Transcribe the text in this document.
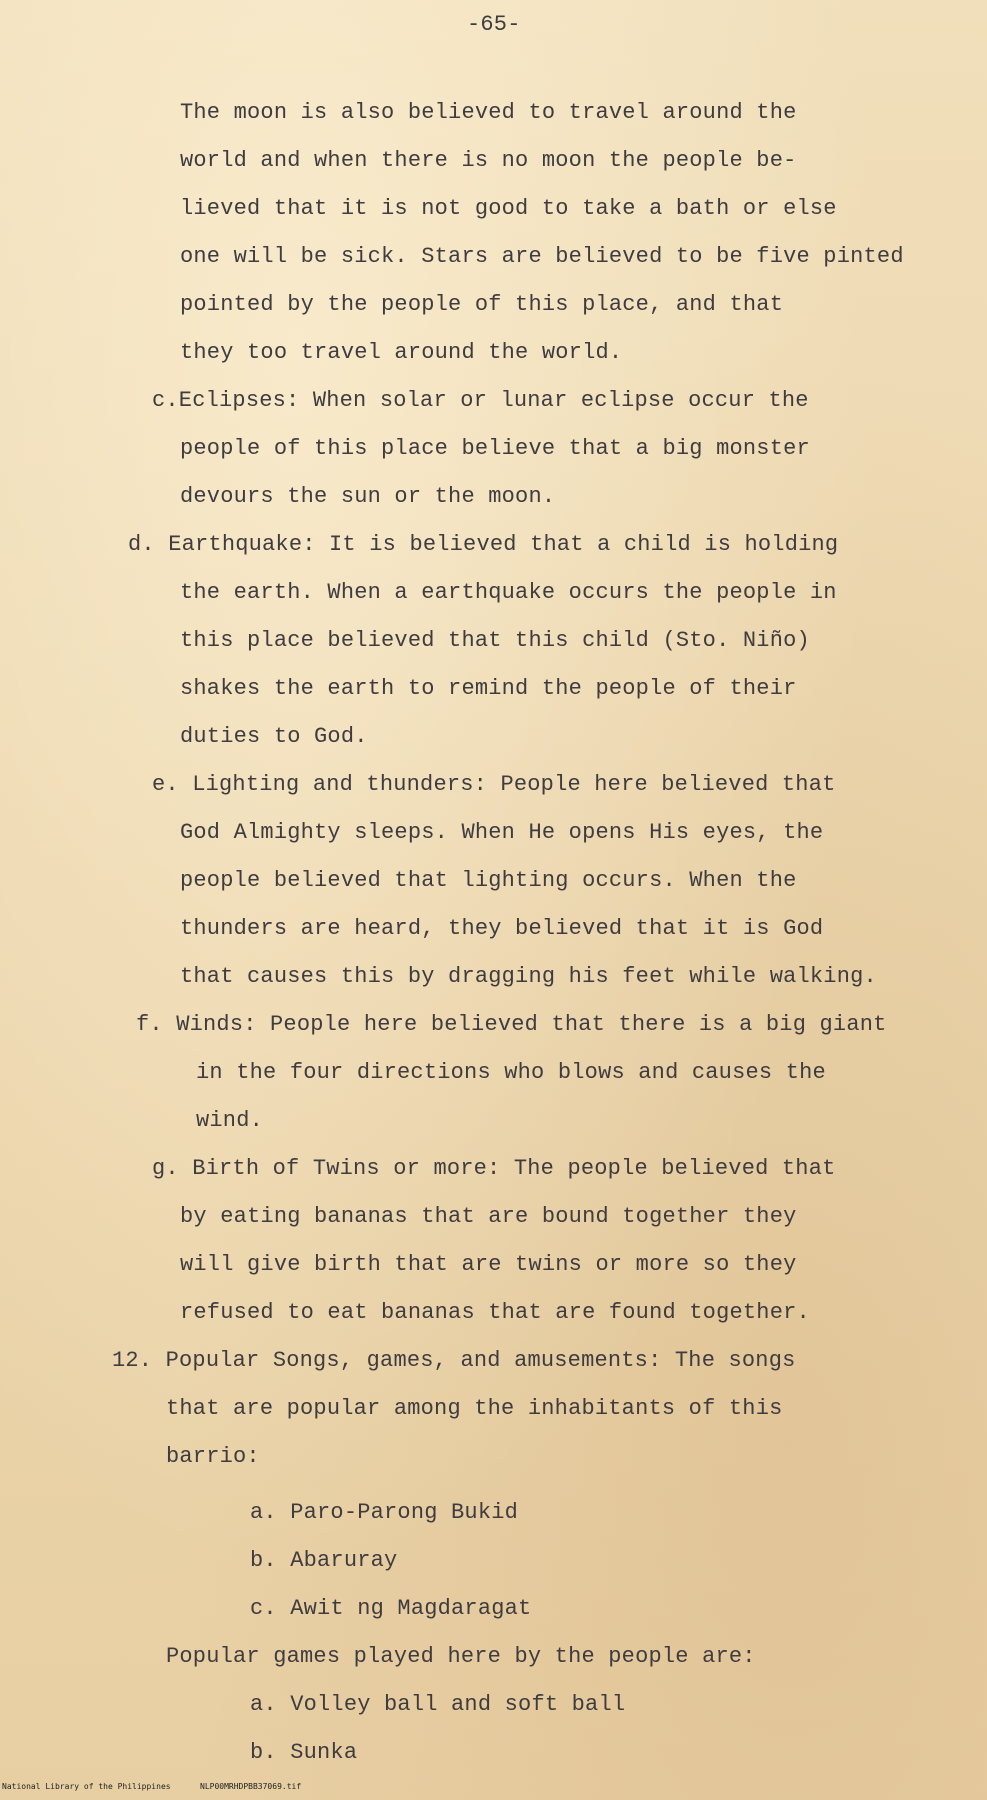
-65-
The moon is also believed to travel around the
world and when there is no moon the people be-
lieved that it is not good to take a bath or else
one will be sick. Stars are believed to be five pinted
pointed by the people of this place, and that
they too travel around the world.
c.Eclipses: When solar or lunar eclipse occur the
people of this place believe that a big monster
devours the sun or the moon.
d. Earthquake: It is believed that a child is holding
the earth. When a earthquake occurs the people in
this place believed that this child (Sto. Niño)
shakes the earth to remind the people of their
duties to God.
e. Lighting and thunders: People here believed that
God Almighty sleeps. When He opens His eyes, the
people believed that lighting occurs. When the
thunders are heard, they believed that it is God
that causes this by dragging his feet while walking.
f. Winds: People here believed that there is a big giant
in the four directions who blows and causes the
wind.
g. Birth of Twins or more: The people believed that
by eating bananas that are bound together they
will give birth that are twins or more so they
refused to eat bananas that are found together.
12. Popular Songs, games, and amusements: The songs
that are popular among the inhabitants of this
barrio:
a. Paro-Parong Bukid
b. Abaruray
c. Awit ng Magdaragat
Popular games played here by the people are:
a. Volley ball and soft ball
b. Sunka
National Library of the Philippines	NLP00MRHDPBB37069.tif
